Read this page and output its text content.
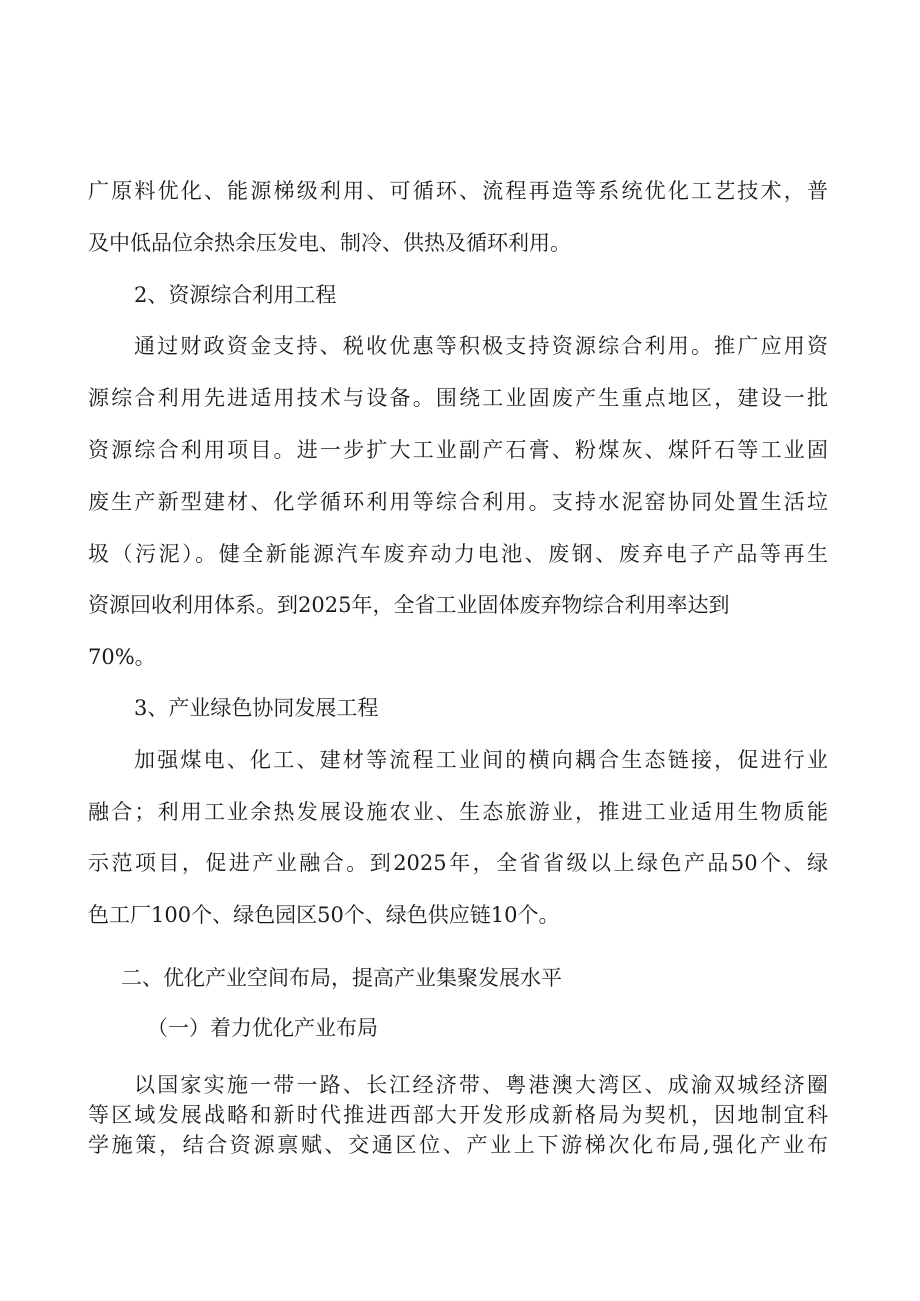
广原料优化、能源梯级利用、可循环、流程再造等系统优化工艺技术，普
及中低品位余热余压发电、制冷、供热及循环利用。
2、资源综合利用工程
通过财政资金支持、税收优惠等积极支持资源综合利用。推广应用资
源综合利用先进适用技术与设备。围绕工业固废产生重点地区，建设一批
资源综合利用项目。进一步扩大工业副产石膏、粉煤灰、煤阡石等工业固
废生产新型建材、化学循环利用等综合利用。支持水泥窑协同处置生活垃
圾（污泥）。健全新能源汽车废弃动力电池、废钢、废弃电子产品等再生
资源回收利用体系。到2025年，全省工业固体废弃物综合利用率达到
70%。
3、产业绿色协同发展工程
加强煤电、化工、建材等流程工业间的横向耦合生态链接，促进行业
融合；利用工业余热发展设施农业、生态旅游业，推进工业适用生物质能
示范项目，促进产业融合。到2025年，全省省级以上绿色产品50个、绿
色工厂100个、绿色园区50个、绿色供应链10个。
二、优化产业空间布局，提高产业集聚发展水平
（一）着力优化产业布局
以国家实施一带一路、长江经济带、粤港澳大湾区、成渝双城经济圈
等区域发展战略和新时代推进西部大开发形成新格局为契机，因地制宜科
学施策，结合资源禀赋、交通区位、产业上下游梯次化布局,强化产业布
